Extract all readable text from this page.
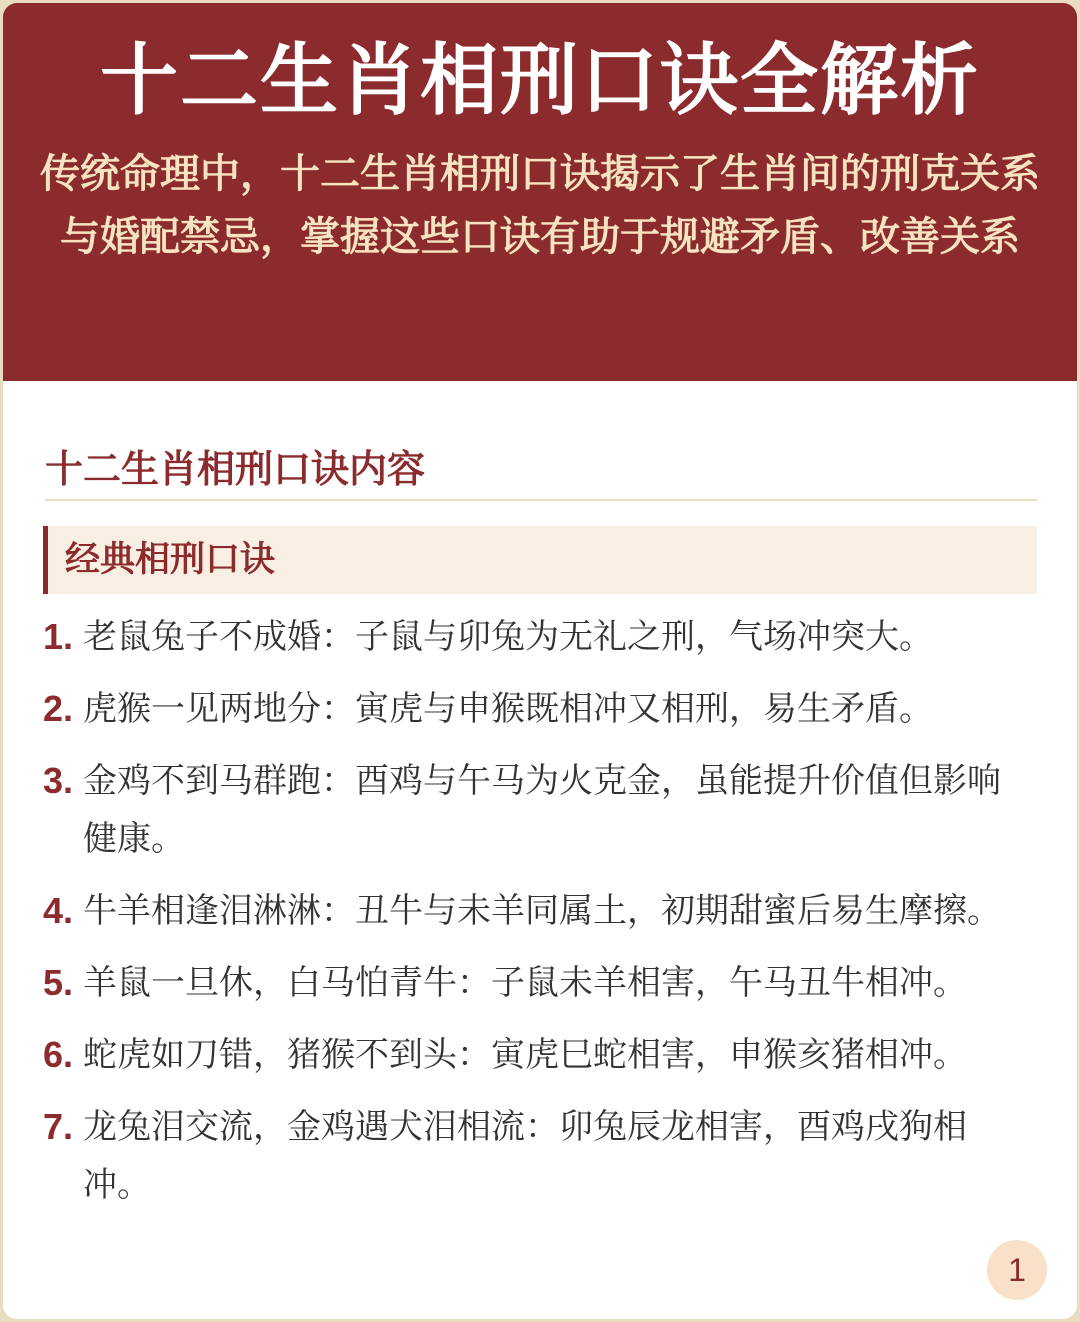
十二生肖相刑口诀全解析
传统命理中，十二生肖相刑口诀揭示了生肖间的刑克关系与婚配禁忌，掌握这些口诀有助于规避矛盾、改善关系
十二生肖相刑口诀内容
经典相刑口诀
1. 老鼠兔子不成婚：子鼠与卯兔为无礼之刑，气场冲突大。
2. 虎猴一见两地分：寅虎与申猴既相冲又相刑，易生矛盾。
3. 金鸡不到马群跑：酉鸡与午马为火克金，虽能提升价值但影响健康。
4. 牛羊相逢泪淋淋：丑牛与未羊同属土，初期甜蜜后易生摩擦。
5. 羊鼠一旦休，白马怕青牛：子鼠未羊相害，午马丑牛相冲。
6. 蛇虎如刀错，猪猴不到头：寅虎巳蛇相害，申猴亥猪相冲。
7. 龙兔泪交流，金鸡遇犬泪相流：卯兔辰龙相害，酉鸡戌狗相冲。
1
